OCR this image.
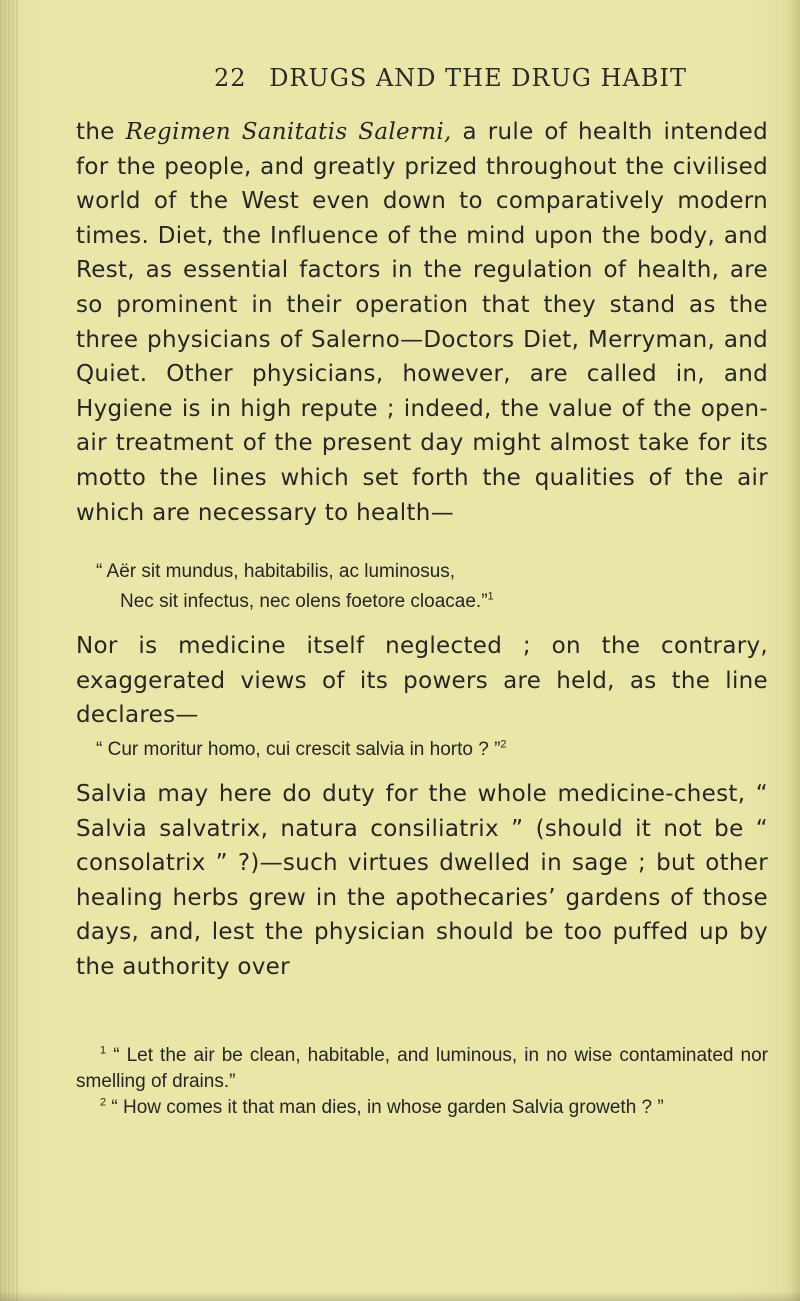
22 DRUGS AND THE DRUG HABIT
the Regimen Sanitatis Salerni, a rule of health intended for the people, and greatly prized throughout the civilised world of the West even down to comparatively modern times. Diet, the Influence of the mind upon the body, and Rest, as essential factors in the regulation of health, are so prominent in their operation that they stand as the three physicians of Salerno—Doctors Diet, Merryman, and Quiet. Other physicians, however, are called in, and Hygiene is in high repute ; indeed, the value of the open-air treatment of the present day might almost take for its motto the lines which set forth the qualities of the air which are necessary to health—
“ Aër sit mundus, habitabilis, ac luminosus,
Nec sit infectus, nec olens foetore cloacae.”$^1$
Nor is medicine itself neglected ; on the contrary, exaggerated views of its powers are held, as the line declares—
“ Cur moritur homo, cui crescit salvia in horto ? ”$^2$
Salvia may here do duty for the whole medicine-chest, “ Salvia salvatrix, natura consiliatrix ” (should it not be “ consolatrix ” ?)—such virtues dwelled in sage ; but other healing herbs grew in the apothecaries’ gardens of those days, and, lest the physician should be too puffed up by the authority over

$^1$ “ Let the air be clean, habitable, and luminous, in no wise contaminated nor smelling of drains.”

$^2$ “ How comes it that man dies, in whose garden Salvia groweth ? ”
